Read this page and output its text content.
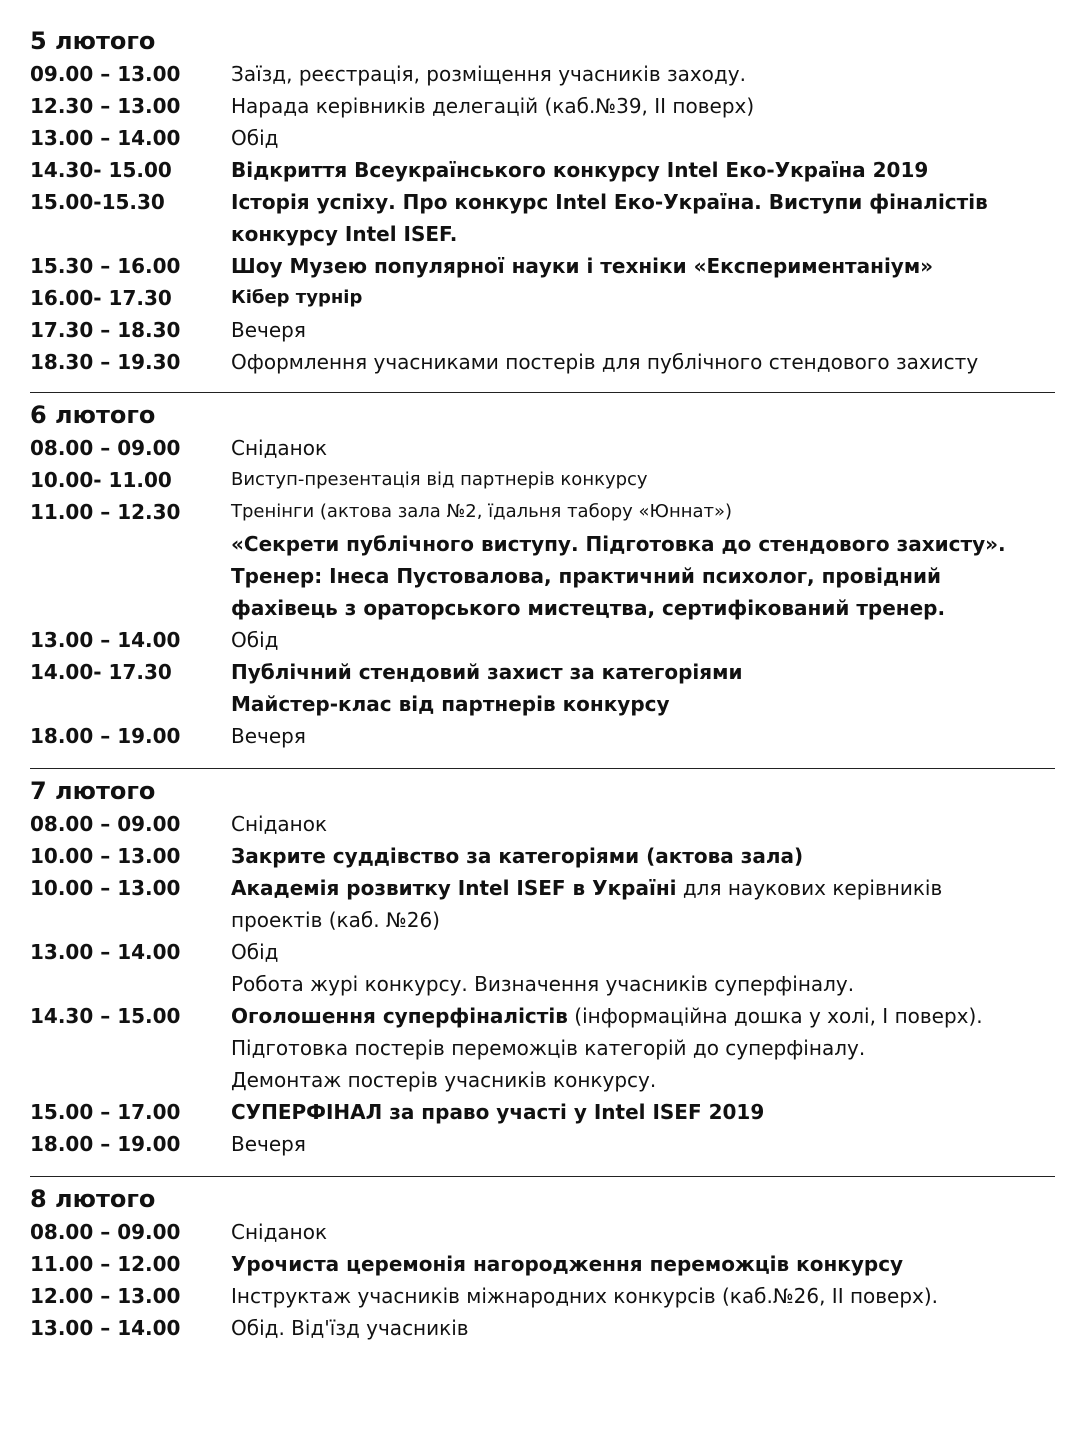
5 лютого
09.00 – 13.00	Заїзд, реєстрація, розміщення учасників заходу.
12.30 – 13.00	Нарада керівників делегацій (каб.№39, ІІ поверх)
13.00 – 14.00	Обід
14.30- 15.00	Відкриття Всеукраїнського конкурсу Intel Еко-Україна 2019
15.00-15.30	Історія успіху. Про конкурс Intel Еко-Україна. Виступи фіналістів
конкурсу Intel ISEF.
15.30 – 16.00	Шоу Музею популярної науки і техніки «Експериментаніум»
16.00- 17.30	Кібер турнір
17.30 – 18.30	Вечеря
18.30 – 19.30	Оформлення учасниками постерів для публічного стендового захисту
6 лютого
08.00 – 09.00	Сніданок
10.00- 11.00	Виступ-презентація від партнерів конкурсу
11.00 – 12.30	Тренінги (актова зала №2, їдальня табору «Юннат»)
«Секрети публічного виступу. Підготовка до стендового захисту».
Тренер: Інеса Пустовалова, практичний психолог, провідний
фахівець з ораторського мистецтва, сертифікований тренер.
13.00 – 14.00	Обід
14.00- 17.30	Публічний стендовий захист за категоріями
Майстер-клас від партнерів конкурсу
18.00 – 19.00	Вечеря
7 лютого
08.00 – 09.00	Сніданок
10.00 – 13.00	Закрите суддівство за категоріями (актова зала)
10.00 – 13.00	Академія розвитку Intel ISEF в Україні для наукових керівників
проектів (каб. №26)
13.00 – 14.00	Обід
Робота журі конкурсу. Визначення учасників суперфіналу.
14.30 – 15.00	Оголошення суперфіналістів (інформаційна дошка у холі, І поверх).
Підготовка постерів переможців категорій до суперфіналу.
Демонтаж постерів учасників конкурсу.
15.00 – 17.00	СУПЕРФІНАЛ за право участі у Intel ISEF 2019
18.00 – 19.00	Вечеря
8 лютого
08.00 – 09.00	Сніданок
11.00 – 12.00	Урочиста церемонія нагородження переможців конкурсу
12.00 – 13.00	Інструктаж учасників міжнародних конкурсів (каб.№26, ІІ поверх).
13.00 – 14.00	Обід. Від'їзд учасників
